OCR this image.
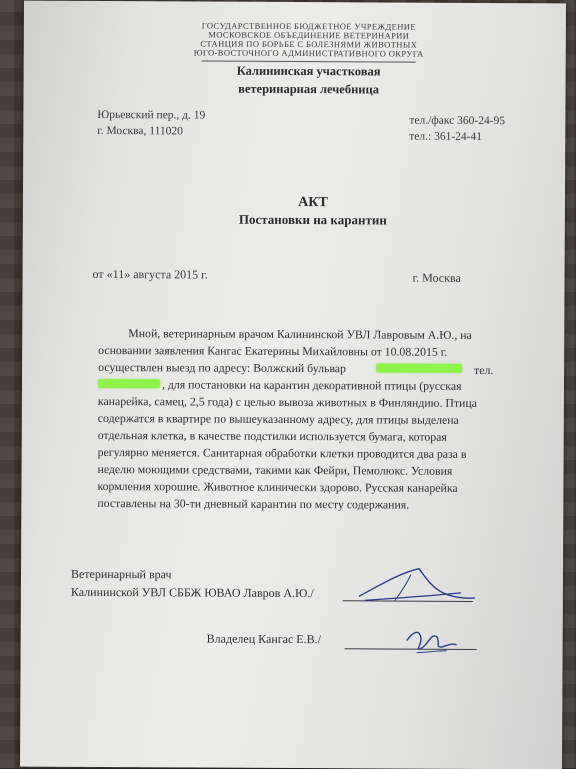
ГОСУДАРСТВЕННОЕ БЮДЖЕТНОЕ УЧРЕЖДЕНИЕ
МОСКОВСКОЕ ОБЪЕДИНЕНИЕ ВЕТЕРИНАРИИ
СТАНЦИЯ ПО БОРЬБЕ С БОЛЕЗНЯМИ ЖИВОТНЫХ
ЮГО-ВОСТОЧНОГО АДМИНИСТРАТИВНОГО ОКРУГА
Калининская участковая
ветеринарная лечебница
Юрьевский пер., д. 19
г. Москва, 111020
тел./факс 360-24-95
тел.: 361-24-41
АКТ
Постановки на карантин
от «11» августа 2015 г.	г. Москва
Мной, ветеринарным врачом Калининской УВЛ Лавровым А.Ю., на
основании заявления Кангас Екатерины Михайловны от 10.08.2015 г.
осуществлен выезд по адресу: Волжский бульвар	тел.
, для постановки на карантин декоративной птицы (русская
канарейка, самец, 2,5 года) с целью вывоза животных в Финляндию. Птица
содержатся в квартире по вышеуказанному адресу, для птицы выделена
отдельная клетка, в качестве подстилки используется бумага, которая
регулярно меняется. Санитарная обработки клетки проводится два раза в
неделю моющими средствами, такими как Фейри, Пемолюкс. Условия
кормления хорошие. Животное клинически здорово. Русская канарейка
поставлены на 30-ти дневный карантин по месту содержания.
Ветеринарный врач
Калининской УВЛ СББЖ ЮВАО Лавров А.Ю./
Владелец Кангас Е.В./
